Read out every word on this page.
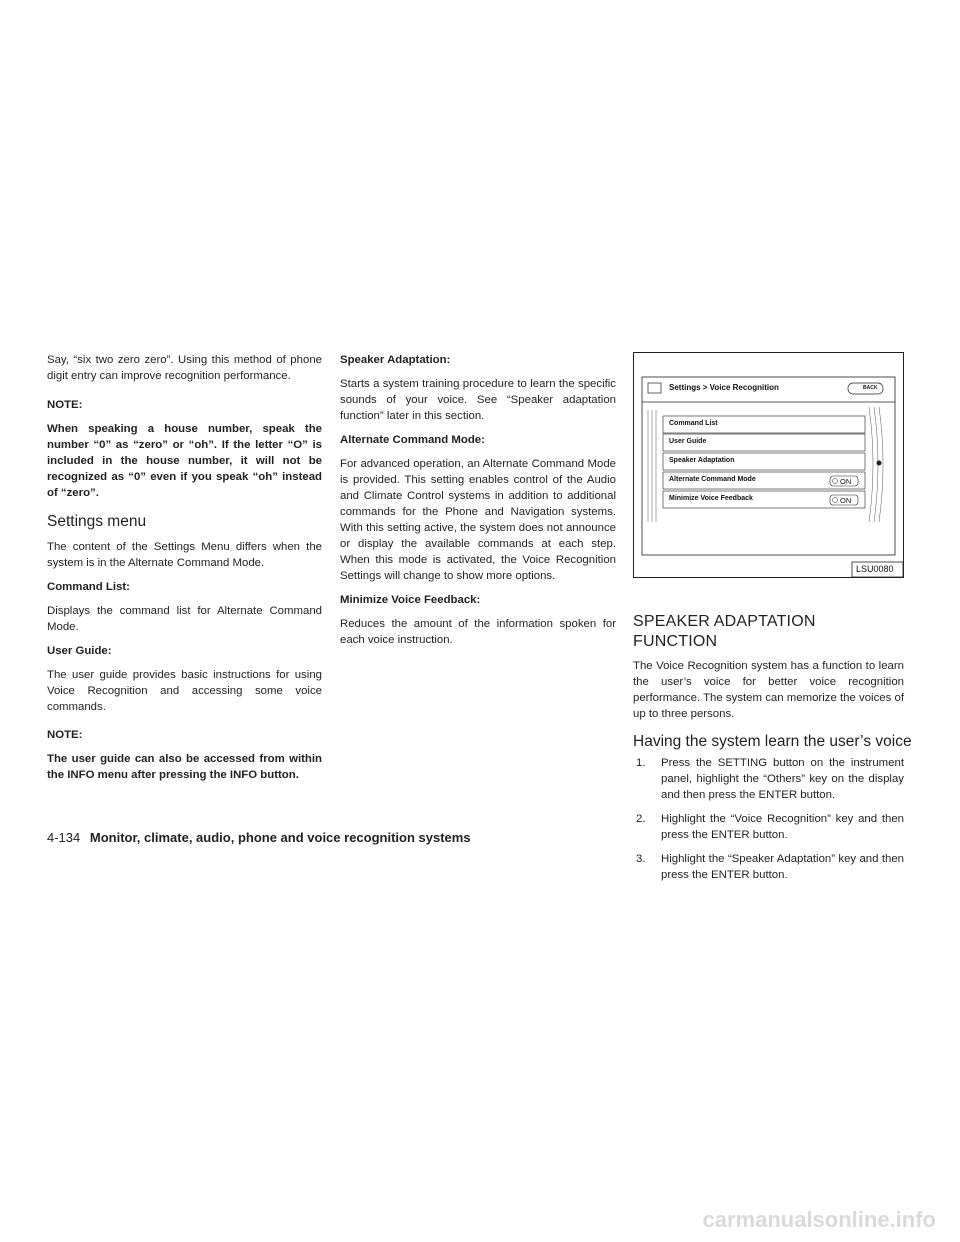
Say, “six two zero zero”. Using this method of phone digit entry can improve recognition performance.

NOTE:

When speaking a house number, speak the number “0” as “zero” or “oh”. If the letter “O” is included in the house number, it will not be recognized as “0” even if you speak “oh” instead of “zero”.

Settings menu

The content of the Settings Menu differs when the system is in the Alternate Command Mode.

Command List:

Displays the command list for Alternate Command Mode.

User Guide:

The user guide provides basic instructions for using Voice Recognition and accessing some voice commands.

NOTE:

The user guide can also be accessed from within the INFO menu after pressing the INFO button.

Speaker Adaptation:

Starts a system training procedure to learn the specific sounds of your voice. See “Speaker adaptation function” later in this section.

Alternate Command Mode:

For advanced operation, an Alternate Command Mode is provided. This setting enables control of the Audio and Climate Control systems in addition to additional commands for the Phone and Navigation systems. With this setting active, the system does not announce or display the available commands at each step. When this mode is activated, the Voice Recognition Settings will change to show more options.

Minimize Voice Feedback:

Reduces the amount of the information spoken for each voice instruction.

Settings > Voice Recognition	BACK
Command List
User Guide
Speaker Adaptation
Alternate Command Mode	ON
Minimize Voice Feedback	ON
LSU0080

SPEAKER ADAPTATION FUNCTION

The Voice Recognition system has a function to learn the user’s voice for better voice recognition performance. The system can memorize the voices of up to three persons.

Having the system learn the user’s voice

1. Press the SETTING button on the instrument panel, highlight the “Others” key on the display and then press the ENTER button.
2. Highlight the “Voice Recognition” key and then press the ENTER button.
3. Highlight the “Speaker Adaptation” key and then press the ENTER button.
4-134 Monitor, climate, audio, phone and voice recognition systems
carmanualsonline.info
